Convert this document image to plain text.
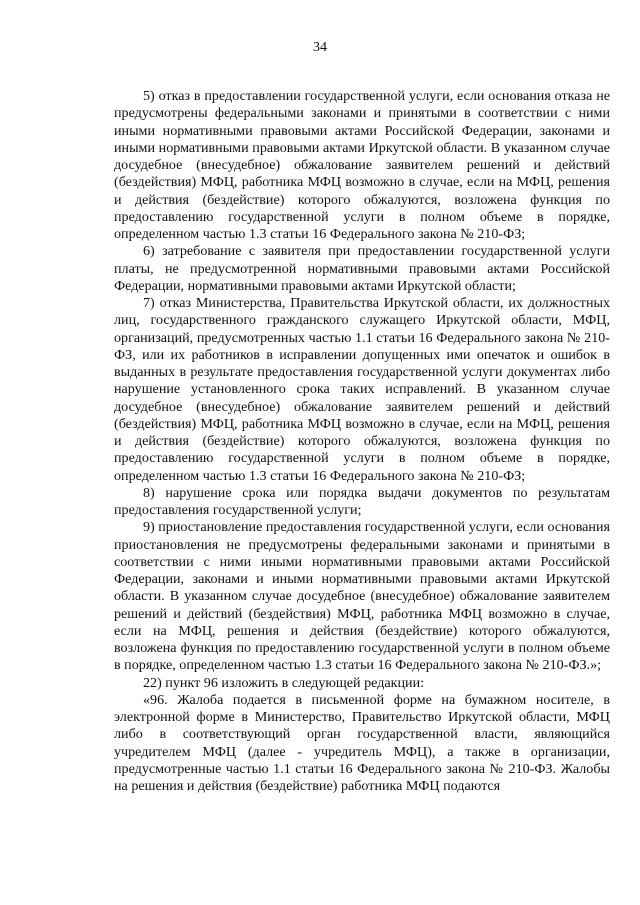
34

5) отказ в предоставлении государственной услуги, если основания отказа не предусмотрены федеральными законами и принятыми в соответствии с ними иными нормативными правовыми актами Российской Федерации, законами и иными нормативными правовыми актами Иркутской области. В указанном случае досудебное (внесудебное) обжалование заявителем решений и действий (бездействия) МФЦ, работника МФЦ возможно в случае, если на МФЦ, решения и действия (бездействие) которого обжалуются, возложена функция по предоставлению государственной услуги в полном объеме в порядке, определенном частью 1.3 статьи 16 Федерального закона № 210-ФЗ;

6) затребование с заявителя при предоставлении государственной услуги платы, не предусмотренной нормативными правовыми актами Российской Федерации, нормативными правовыми актами Иркутской области;

7) отказ Министерства, Правительства Иркутской области, их должностных лиц, государственного гражданского служащего Иркутской области, МФЦ, организаций, предусмотренных частью 1.1 статьи 16 Федерального закона № 210-ФЗ, или их работников в исправлении допущенных ими опечаток и ошибок в выданных в результате предоставления государственной услуги документах либо нарушение установленного срока таких исправлений. В указанном случае досудебное (внесудебное) обжалование заявителем решений и действий (бездействия) МФЦ, работника МФЦ возможно в случае, если на МФЦ, решения и действия (бездействие) которого обжалуются, возложена функция по предоставлению государственной услуги в полном объеме в порядке, определенном частью 1.3 статьи 16 Федерального закона № 210-ФЗ;

8) нарушение срока или порядка выдачи документов по результатам предоставления государственной услуги;

9) приостановление предоставления государственной услуги, если основания приостановления не предусмотрены федеральными законами и принятыми в соответствии с ними иными нормативными правовыми актами Российской Федерации, законами и иными нормативными правовыми актами Иркутской области. В указанном случае досудебное (внесудебное) обжалование заявителем решений и действий (бездействия) МФЦ, работника МФЦ возможно в случае, если на МФЦ, решения и действия (бездействие) которого обжалуются, возложена функция по предоставлению государственной услуги в полном объеме в порядке, определенном частью 1.3 статьи 16 Федерального закона № 210-ФЗ.»;

22) пункт 96 изложить в следующей редакции:

«96. Жалоба подается в письменной форме на бумажном носителе, в электронной форме в Министерство, Правительство Иркутской области, МФЦ либо в соответствующий орган государственной власти, являющийся учредителем МФЦ (далее - учредитель МФЦ), а также в организации, предусмотренные частью 1.1 статьи 16 Федерального закона № 210-ФЗ. Жалобы на решения и действия (бездействие) работника МФЦ подаются
